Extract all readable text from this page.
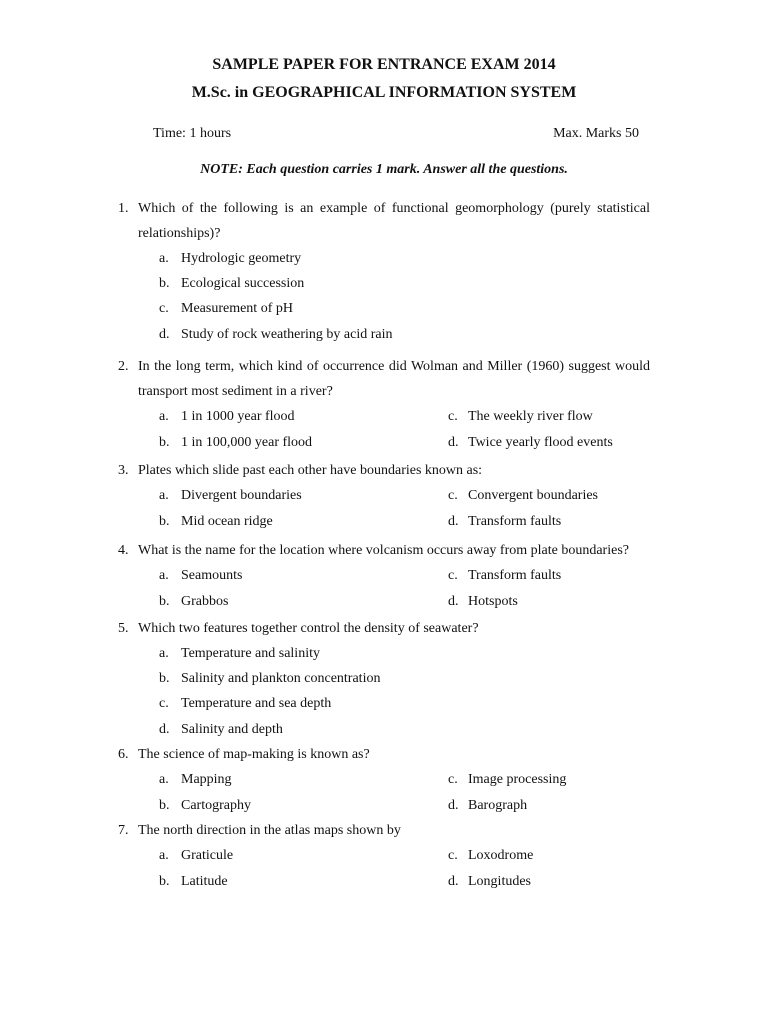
SAMPLE PAPER FOR ENTRANCE EXAM 2014
M.Sc. in GEOGRAPHICAL INFORMATION SYSTEM
Time: 1 hours	Max. Marks 50
NOTE: Each question carries 1 mark. Answer all the questions.
1. Which of the following is an example of functional geomorphology (purely statistical
relationships)?
a. Hydrologic geometry
b. Ecological succession
c. Measurement of pH
d. Study of rock weathering by acid rain
2. In the long term, which kind of occurrence did Wolman and Miller (1960) suggest would
transport most sediment in a river?
a. 1 in 1000 year flood	c. The weekly river flow
b. 1 in 100,000 year flood	d. Twice yearly flood events
3. Plates which slide past each other have boundaries known as:
a. Divergent boundaries	c. Convergent boundaries
b. Mid ocean ridge	d. Transform faults
4. What is the name for the location where volcanism occurs away from plate boundaries?
a. Seamounts	c. Transform faults
b. Grabbos	d. Hotspots
5. Which two features together control the density of seawater?
a. Temperature and salinity
b. Salinity and plankton concentration
c. Temperature and sea depth
d. Salinity and depth
6. The science of map-making is known as?
a. Mapping	c. Image processing
b. Cartography	d. Barograph
7. The north direction in the atlas maps shown by
a. Graticule	c. Loxodrome
b. Latitude	d. Longitudes
